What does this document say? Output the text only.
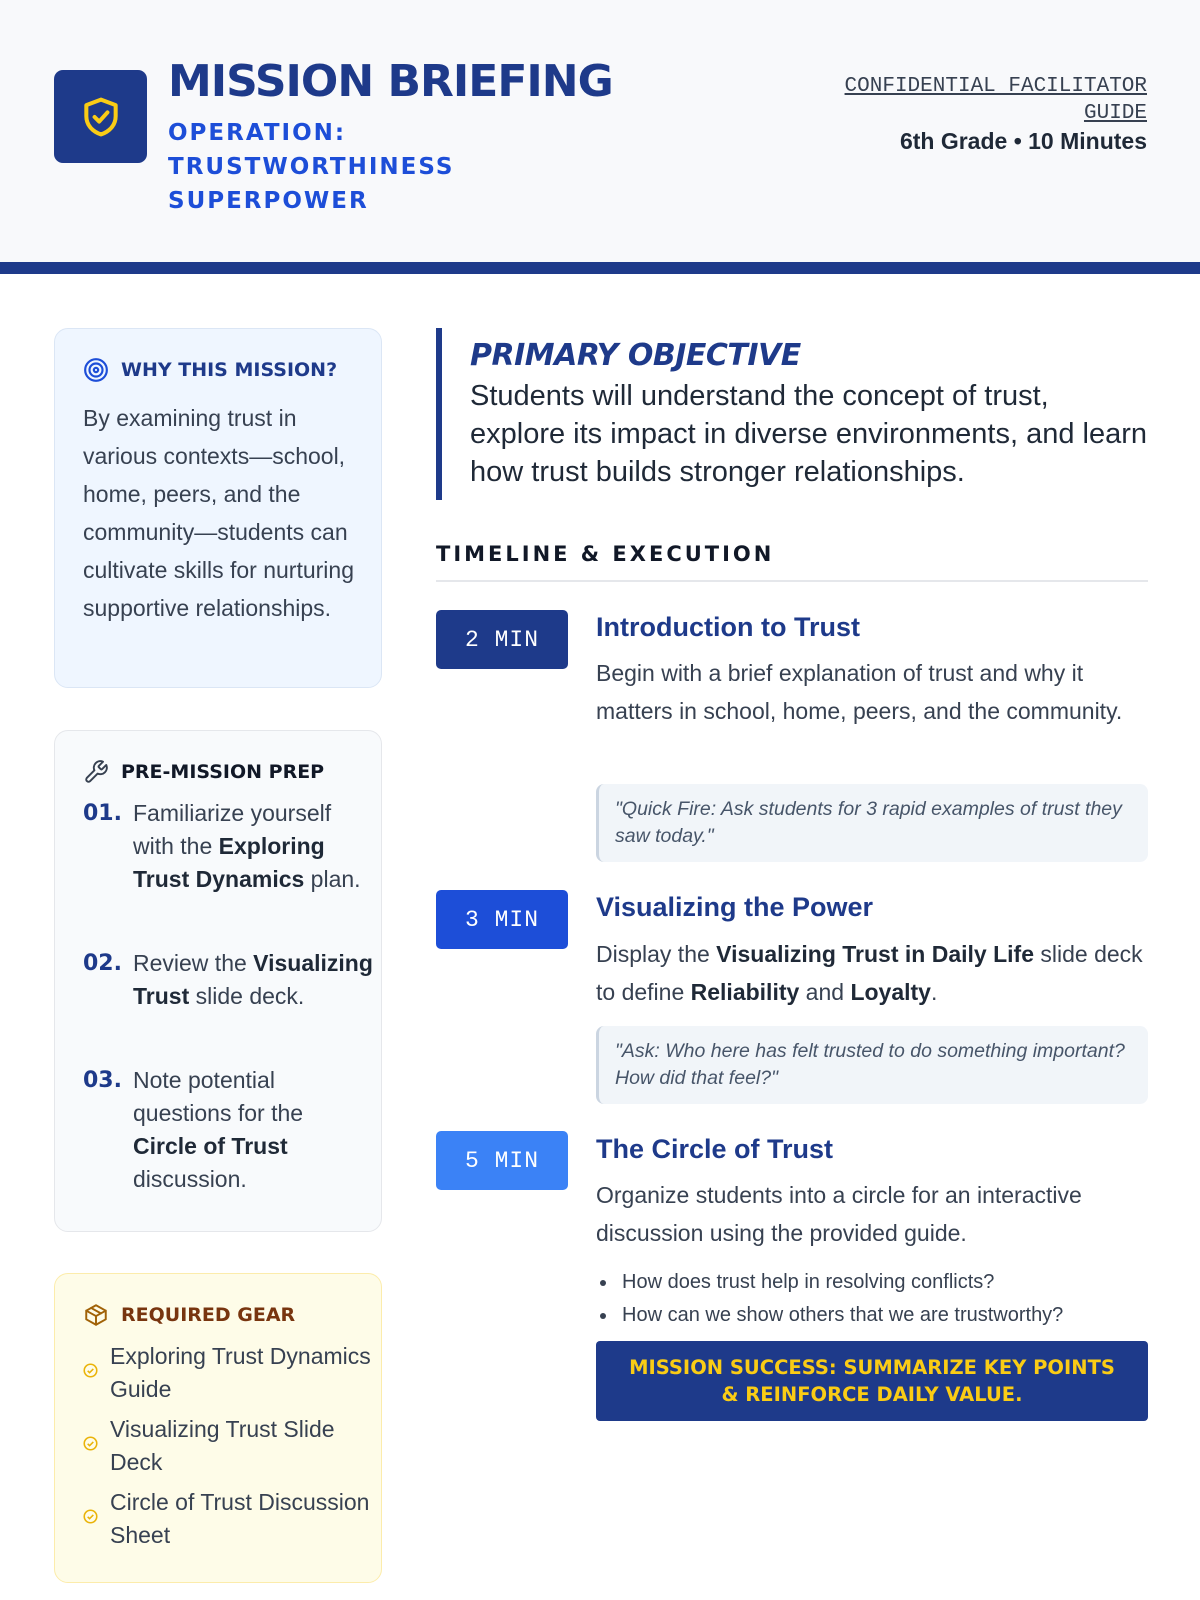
MISSION BRIEFING
OPERATION: TRUSTWORTHINESS SUPERPOWER
CONFIDENTIAL FACILITATOR GUIDE
6th Grade • 10 Minutes
WHY THIS MISSION?
By examining trust in various contexts—school, home, peers, and the community—students can cultivate skills for nurturing supportive relationships.
PRE-MISSION PREP
01. Familiarize yourself with the Exploring Trust Dynamics plan.
02. Review the Visualizing Trust slide deck.
03. Note potential questions for the Circle of Trust discussion.
REQUIRED GEAR
Exploring Trust Dynamics Guide
Visualizing Trust Slide Deck
Circle of Trust Discussion Sheet
PRIMARY OBJECTIVE
Students will understand the concept of trust, explore its impact in diverse environments, and learn how trust builds stronger relationships.
TIMELINE & EXECUTION
2 MIN	Introduction to Trust
Begin with a brief explanation of trust and why it matters in school, home, peers, and the community.
"Quick Fire: Ask students for 3 rapid examples of trust they saw today."
3 MIN	Visualizing the Power
Display the Visualizing Trust in Daily Life slide deck to define Reliability and Loyalty.
"Ask: Who here has felt trusted to do something important? How did that feel?"
5 MIN	The Circle of Trust
Organize students into a circle for an interactive discussion using the provided guide.
How does trust help in resolving conflicts?
How can we show others that we are trustworthy?
MISSION SUCCESS: SUMMARIZE KEY POINTS & REINFORCE DAILY VALUE.
